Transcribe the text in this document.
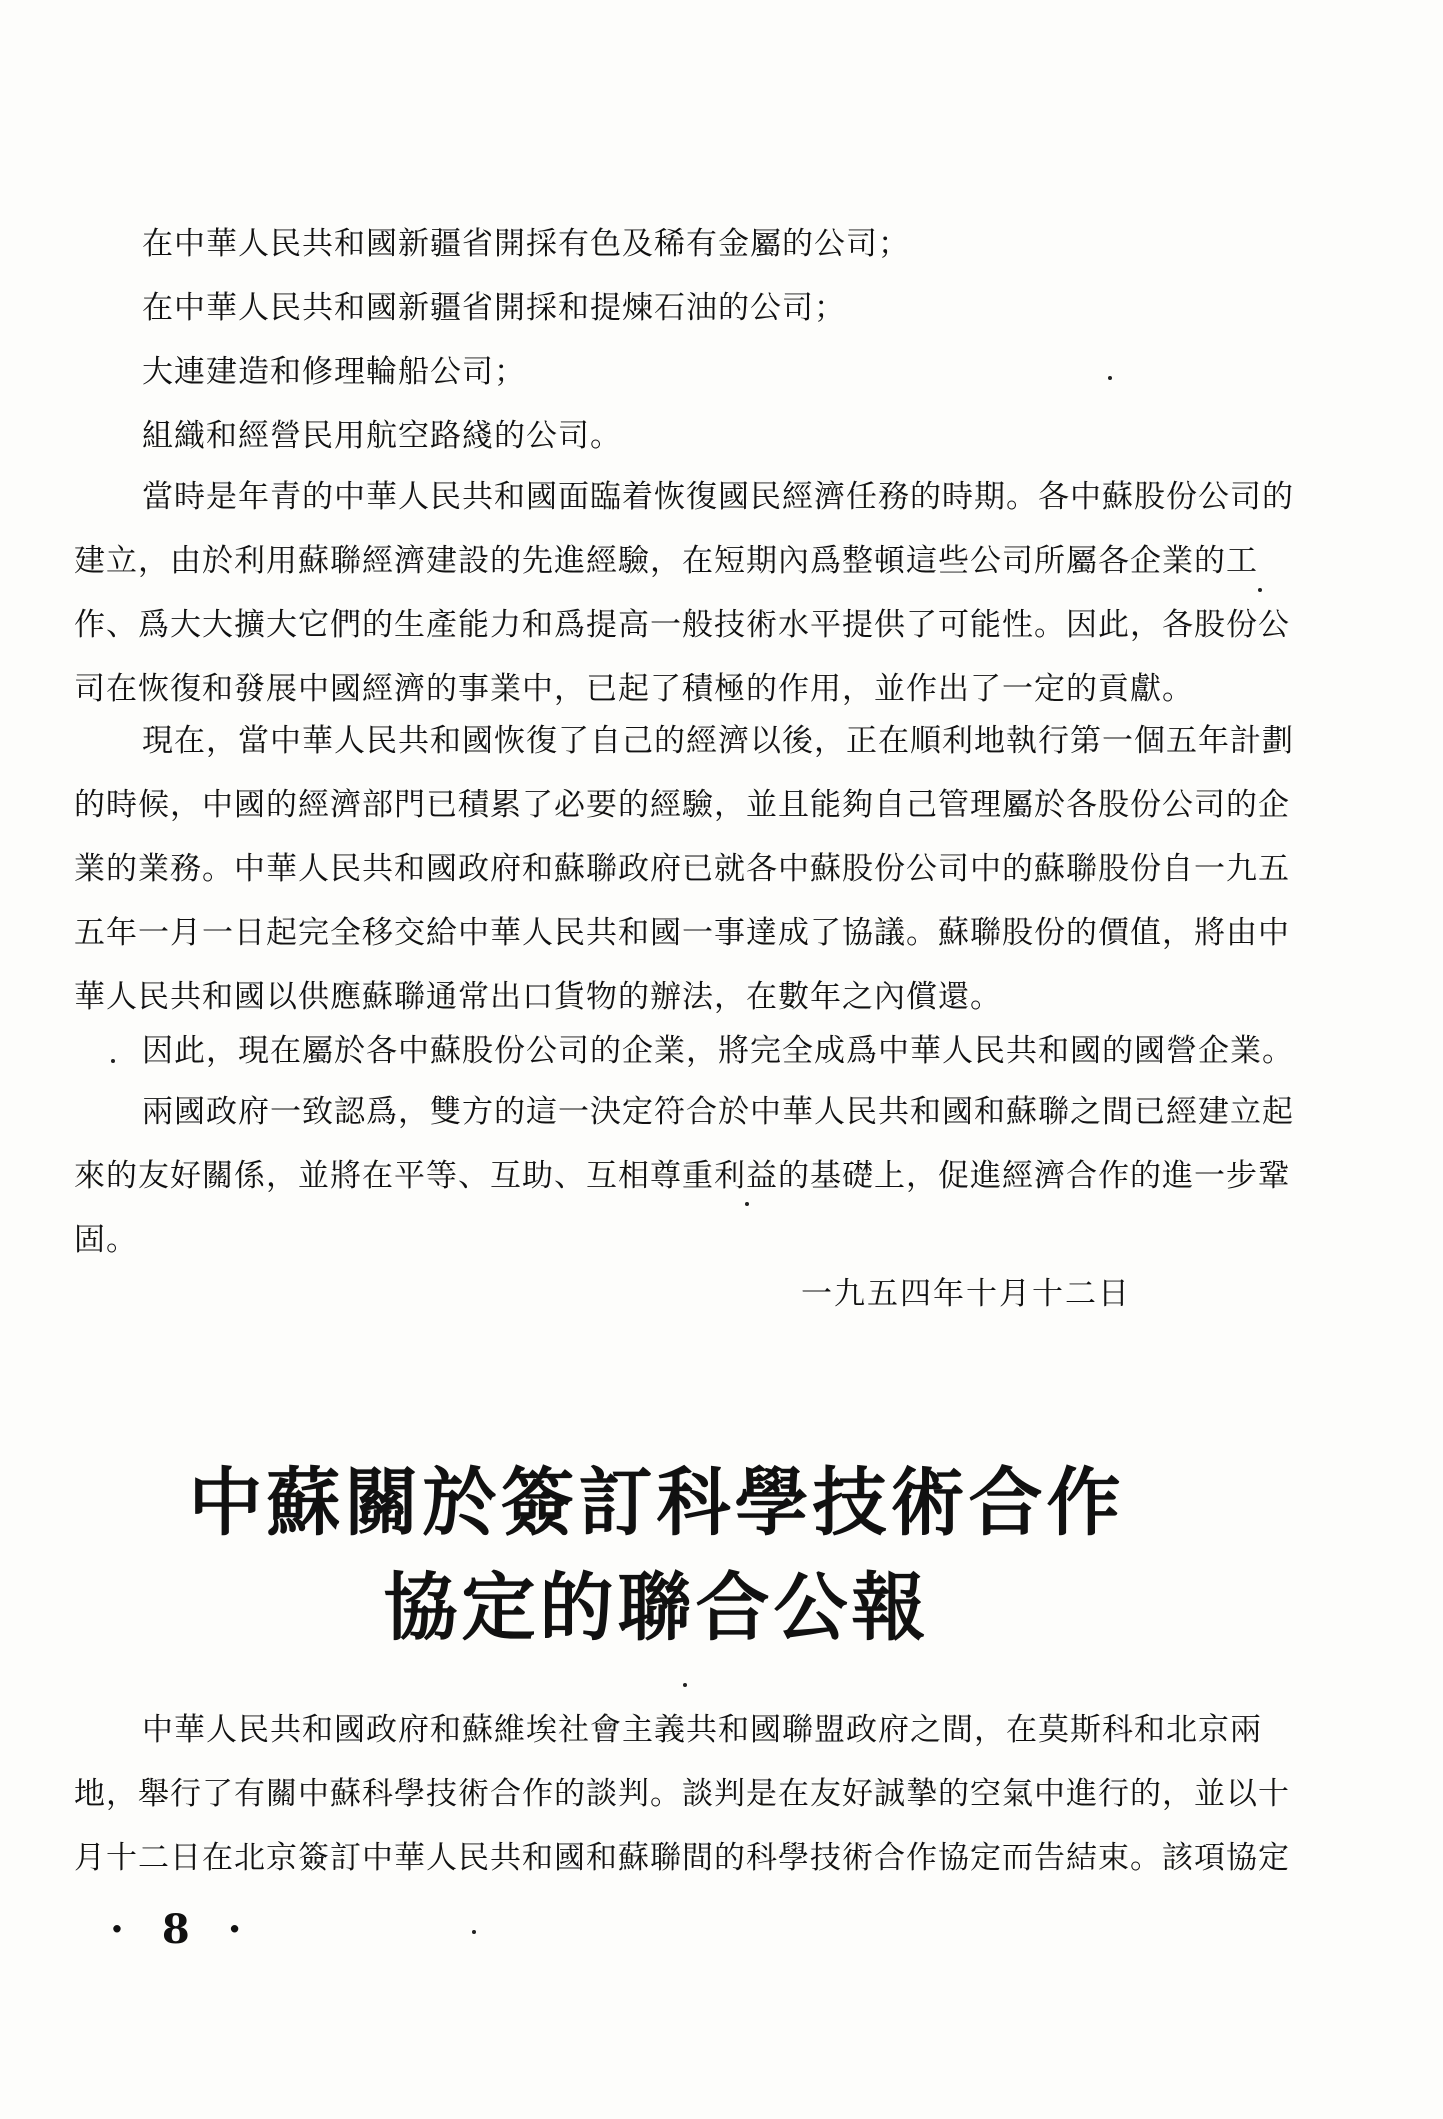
在中華人民共和國新疆省開採有色及稀有金屬的公司；
在中華人民共和國新疆省開採和提煉石油的公司；
大連建造和修理輪船公司；
組織和經營民用航空路綫的公司。
當時是年青的中華人民共和國面臨着恢復國民經濟任務的時期。各中蘇股份公司的
建立，由於利用蘇聯經濟建設的先進經驗，在短期內爲整頓這些公司所屬各企業的工
作、爲大大擴大它們的生產能力和爲提高一般技術水平提供了可能性。因此，各股份公
司在恢復和發展中國經濟的事業中，已起了積極的作用，並作出了一定的貢獻。
現在，當中華人民共和國恢復了自己的經濟以後，正在順利地執行第一個五年計劃
的時候，中國的經濟部門已積累了必要的經驗，並且能夠自己管理屬於各股份公司的企
業的業務。中華人民共和國政府和蘇聯政府已就各中蘇股份公司中的蘇聯股份自一九五
五年一月一日起完全移交給中華人民共和國一事達成了協議。蘇聯股份的價值，將由中
華人民共和國以供應蘇聯通常出口貨物的辦法，在數年之內償還。
因此，現在屬於各中蘇股份公司的企業，將完全成爲中華人民共和國的國營企業。
兩國政府一致認爲，雙方的這一決定符合於中華人民共和國和蘇聯之間已經建立起
來的友好關係，並將在平等、互助、互相尊重利益的基礎上，促進經濟合作的進一步鞏
固。
一九五四年十月十二日
中蘇關於簽訂科學技術合作
協定的聯合公報
中華人民共和國政府和蘇維埃社會主義共和國聯盟政府之間，在莫斯科和北京兩
地，舉行了有關中蘇科學技術合作的談判。談判是在友好誠摯的空氣中進行的，並以十
月十二日在北京簽訂中華人民共和國和蘇聯間的科學技術合作協定而告結束。該項協定
· 8 ·
